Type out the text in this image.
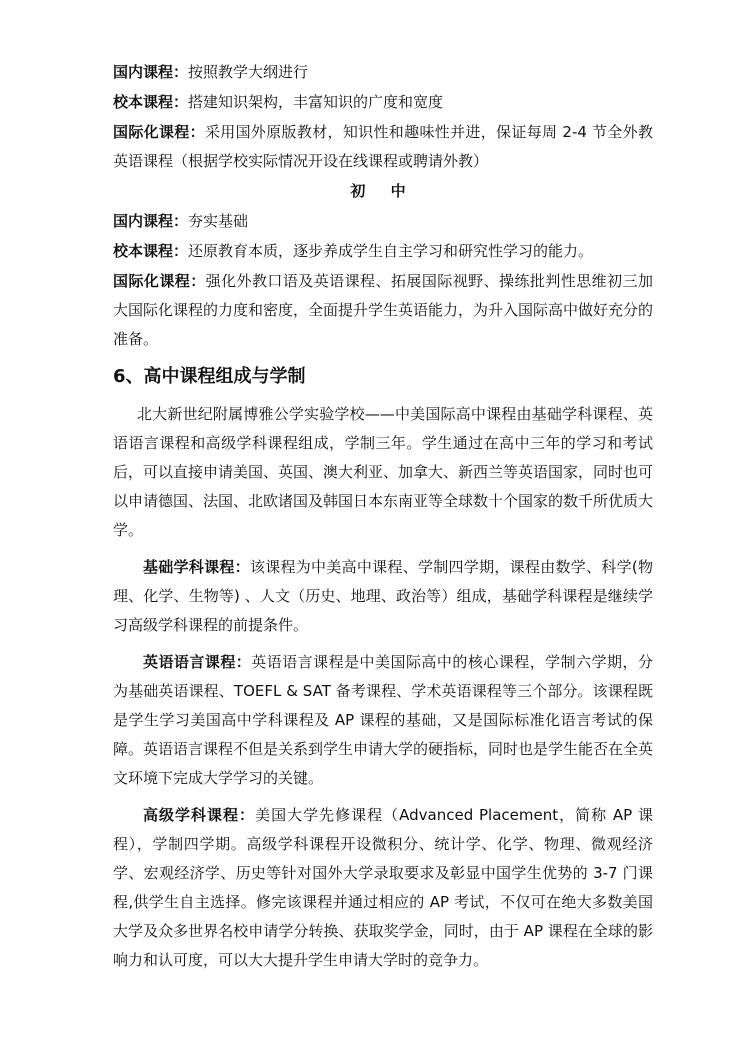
国内课程：按照教学大纲进行

校本课程：搭建知识架构，丰富知识的广度和宽度

国际化课程：采用国外原版教材，知识性和趣味性并进，保证每周 2-4 节全外教英语课程（根据学校实际情况开设在线课程或聘请外教）

初 中

国内课程：夯实基础

校本课程：还原教育本质，逐步养成学生自主学习和研究性学习的能力。

国际化课程：强化外教口语及英语课程、拓展国际视野、操练批判性思维初三加大国际化课程的力度和密度，全面提升学生英语能力，为升入国际高中做好充分的准备。

6、高中课程组成与学制

北大新世纪附属博雅公学实验学校——中美国际高中课程由基础学科课程、英语语言课程和高级学科课程组成，学制三年。学生通过在高中三年的学习和考试后，可以直接申请美国、英国、澳大利亚、加拿大、新西兰等英语国家，同时也可以申请德国、法国、北欧诸国及韩国日本东南亚等全球数十个国家的数千所优质大学。

基础学科课程：该课程为中美高中课程、学制四学期，课程由数学、科学(物理、化学、生物等) 、人文（历史、地理、政治等）组成，基础学科课程是继续学习高级学科课程的前提条件。

英语语言课程：英语语言课程是中美国际高中的核心课程，学制六学期，分为基础英语课程、TOEFL & SAT 备考课程、学术英语课程等三个部分。该课程既是学生学习美国高中学科课程及 AP 课程的基础，又是国际标准化语言考试的保障。英语语言课程不但是关系到学生申请大学的硬指标，同时也是学生能否在全英文环境下完成大学学习的关键。

高级学科课程：美国大学先修课程（Advanced Placement，简称 AP 课程），学制四学期。高级学科课程开设微积分、统计学、化学、物理、微观经济学、宏观经济学、历史等针对国外大学录取要求及彰显中国学生优势的 3-7 门课程,供学生自主选择。修完该课程并通过相应的 AP 考试，不仅可在绝大多数美国大学及众多世界名校申请学分转换、获取奖学金，同时，由于 AP 课程在全球的影响力和认可度，可以大大提升学生申请大学时的竞争力。
